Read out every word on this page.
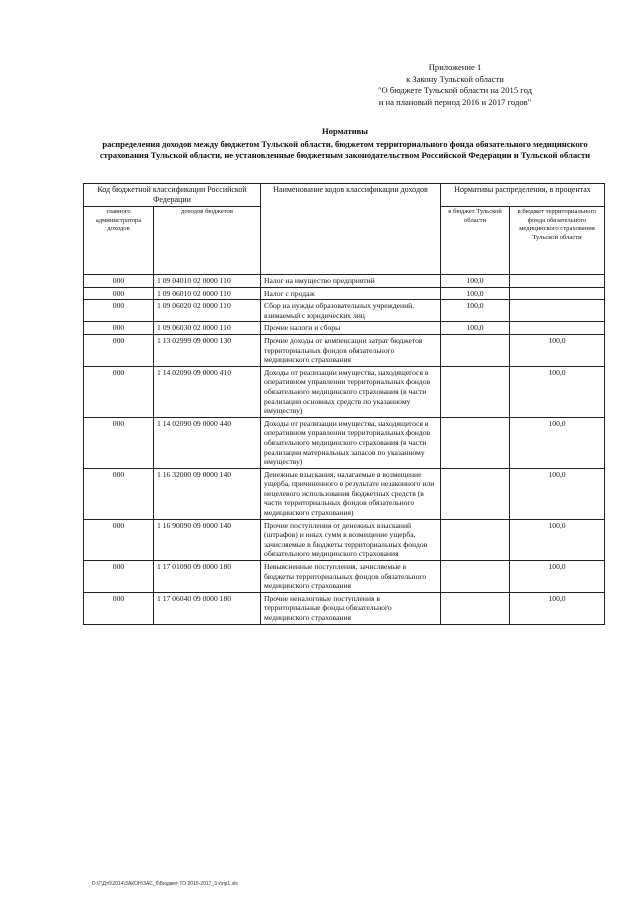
Приложение 1
к Закону Тульской области
"О бюджете Тульской области на 2015 год
и на плановый период 2016 и 2017 годов"
Нормативы
распределения доходов между бюджетом Тульской области, бюджетом территориального фонда обязательного медицинского страхования Тульской области, не установленные бюджетным законодательством Российской Федерации и Тульской области
Код бюджетной классификации Российской Федерации		Наименование кодов классификации доходов	Нормативы распределения, в процентах	
главного администратора доходов	доходов бюджетов		в бюджет Тульской области	в бюджет территориального фонда обязательного медицинского страхования Тульской области
000	1 09 04010 02 0000 110	Налог на имущество предприятий	100,0	
000	1 09 06010 02 0000 110	Налог с продаж	100,0	
000	1 09 06020 02 0000 110	Сбор на нужды образовательных учреждений, взимаемый с юридических лиц	100,0	
000	1 09 06030 02 0000 110	Прочие налоги и сборы	100,0	
000	1 13 02999 09 0000 130	Прочие доходы от компенсации затрат бюджетов территориальных фондов обязательного медицинского страхования		100,0
000	1 14 02090 09 0000 410	Доходы от реализации имущества, находящегося в оперативном управлении территориальных фондов обязательного медицинского страхования (в части реализации основных средств по указанному имуществу)		100,0
000	1 14 02090 09 0000 440	Доходы от реализации имущества, находящегося в оперативном управлении территориальных фондов обязательного медицинского страхования (в части реализации материальных запасов по указанному имуществу)		100,0
000	1 16 32000 09 0000 140	Денежные взыскания, налагаемые в возмещение ущерба, причиненного в результате незаконного или нецелевого использования бюджетных средств (в части территориальных фондов обязательного медицинского страхования)		100,0
000	1 16 90090 09 0000 140	Прочие поступления от денежных взысканий (штрафов) и иных сумм в возмещение ущерба, зачисляемые в бюджеты территориальных фондов обязательного медицинского страхования		100,0
000	1 17 01090 09 0000 180	Невыясненные поступления, зачисляемые в бюджеты территориальных фондов обязательного медицинского страхования		100,0
000	1 17 06040 09 0000 180	Прочие неналоговые поступления в территориальные фонды обязательного медицинского страхования		100,0
D:\Г\Дтб\2014\ЗАКОН\ЗАС_б\Бюджет ТО 2015-2017_3 к\пр1.xls
